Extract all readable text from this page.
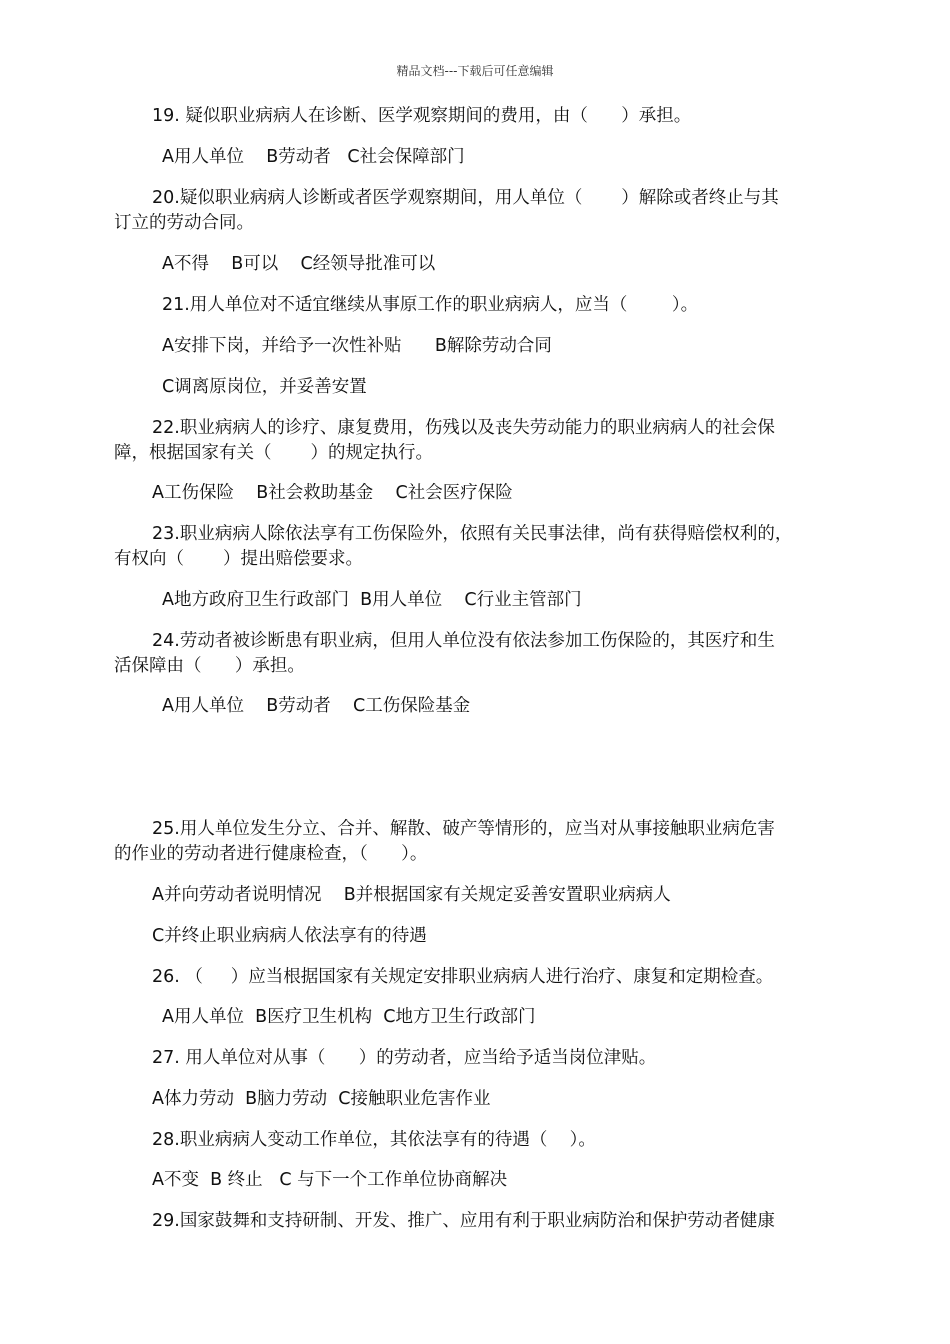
精品文档---下载后可任意编辑
19. 疑似职业病病人在诊断、医学观察期间的费用，由（      ）承担。
A用人单位    B劳动者   C社会保障部门
20.疑似职业病病人诊断或者医学观察期间，用人单位（       ）解除或者终止与其
订立的劳动合同。
A不得    B可以    C经领导批准可以
21.用人单位对不适宜继续从事原工作的职业病病人，应当（        ）。
A安排下岗，并给予一次性补贴      B解除劳动合同
C调离原岗位，并妥善安置
22.职业病病人的诊疗、康复费用，伤残以及丧失劳动能力的职业病病人的社会保
障，根据国家有关（       ）的规定执行。
A工伤保险    B社会救助基金    C社会医疗保险
23.职业病病人除依法享有工伤保险外，依照有关民事法律，尚有获得赔偿权利的，
有权向（       ）提出赔偿要求。
A地方政府卫生行政部门  B用人单位    C行业主管部门
24.劳动者被诊断患有职业病，但用人单位没有依法参加工伤保险的，其医疗和生
活保障由（      ）承担。
A用人单位    B劳动者    C工伤保险基金
25.用人单位发生分立、合并、解散、破产等情形的，应当对从事接触职业病危害
的作业的劳动者进行健康检查，（      ）。
A并向劳动者说明情况    B并根据国家有关规定妥善安置职业病病人
C并终止职业病病人依法享有的待遇
26. （     ）应当根据国家有关规定安排职业病病人进行治疗、康复和定期检查。
A用人单位  B医疗卫生机构  C地方卫生行政部门
27. 用人单位对从事（      ）的劳动者，应当给予适当岗位津贴。
A体力劳动  B脑力劳动  C接触职业危害作业
28.职业病病人变动工作单位，其依法享有的待遇（    ）。
A不变  B 终止   C 与下一个工作单位协商解决
29.国家鼓舞和支持研制、开发、推广、应用有利于职业病防治和保护劳动者健康
